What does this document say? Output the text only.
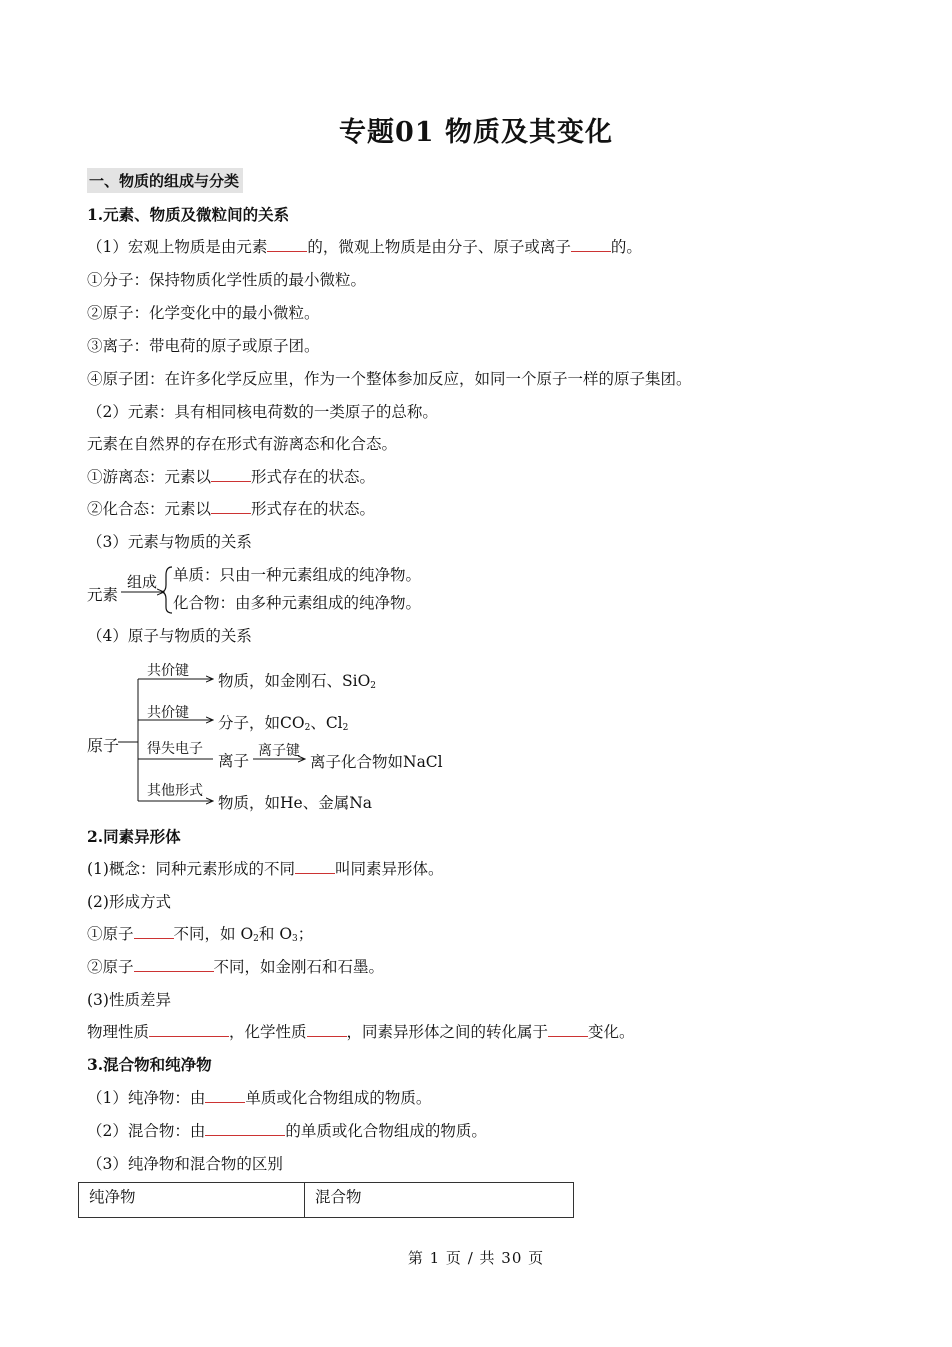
专题01 物质及其变化
一、物质的组成与分类
1.元素、物质及微粒间的关系
（1）宏观上物质是由元素	的，微观上物质是由分子、原子或离子	的。
①分子：保持物质化学性质的最小微粒。
②原子：化学变化中的最小微粒。
③离子：带电荷的原子或原子团。
④原子团：在许多化学反应里，作为一个整体参加反应，如同一个原子一样的原子集团。
（2）元素：具有相同核电荷数的一类原子的总称。
元素在自然界的存在形式有游离态和化合态。
①游离态：元素以	形式存在的状态。
②化合态：元素以	形式存在的状态。
（3）元素与物质的关系
元素
组成 单质：只由一种元素组成的纯净物。
化合物：由多种元素组成的纯净物。
（4）原子与物质的关系
原子
共价键
物质，如金刚石、SiO$_2$
共价键
分子，如$CO_2$、$Cl_2$
得失电子
离子
离子键
离子化合物如NaCl
其他形式
物质，如He、金属Na
2.同素异形体
(1)概念：同种元素形成的不同	叫同素异形体。
(2)形成方式
①原子	不同，如 $O_2$和 $O_3$；
②原子	不同，如金刚石和石墨。
(3)性质差异
物理性质	，化学性质	，同素异形体之间的转化属于	变化。
3.混合物和纯净物
（1）纯净物：由	单质或化合物组成的物质。
（2）混合物：由	的单质或化合物组成的物质。
（3）纯净物和混合物的区别
纯净物	混合物
第 1 页 / 共 30 页
